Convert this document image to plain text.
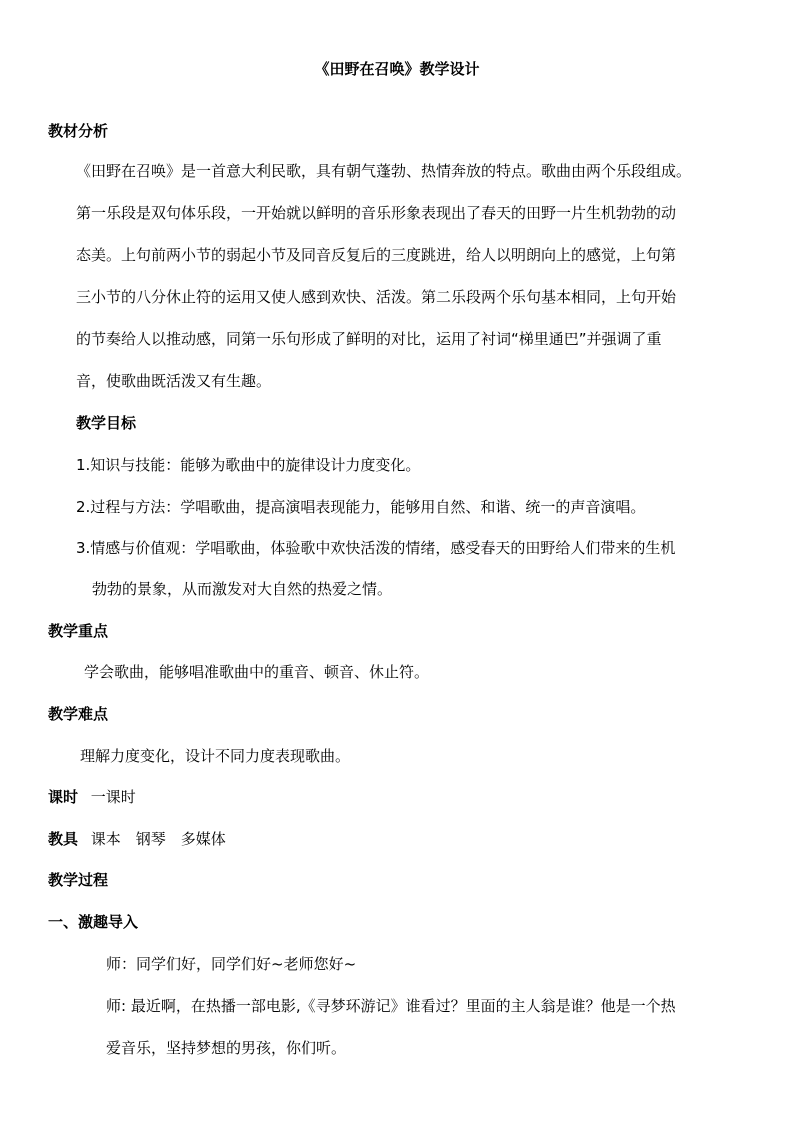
《田野在召唤》教学设计
教材分析
《田野在召唤》是一首意大利民歌，具有朝气蓬勃、热情奔放的特点。歌曲由两个乐段组成。
第一乐段是双句体乐段，一开始就以鲜明的音乐形象表现出了春天的田野一片生机勃勃的动
态美。上句前两小节的弱起小节及同音反复后的三度跳进，给人以明朗向上的感觉，上句第
三小节的八分休止符的运用又使人感到欢快、活泼。第二乐段两个乐句基本相同，上句开始
的节奏给人以推动感，同第一乐句形成了鲜明的对比，运用了衬词“梯里通巴”并强调了重
音，使歌曲既活泼又有生趣。
教学目标
1.知识与技能：能够为歌曲中的旋律设计力度变化。
2.过程与方法：学唱歌曲，提高演唱表现能力，能够用自然、和谐、统一的声音演唱。
3.情感与价值观：学唱歌曲，体验歌中欢快活泼的情绪，感受春天的田野给人们带来的生机
勃勃的景象，从而激发对大自然的热爱之情。
教学重点
学会歌曲，能够唱准歌曲中的重音、顿音、休止符。
教学难点
理解力度变化，设计不同力度表现歌曲。
课时 一课时
教具 课本　钢琴　多媒体
教学过程
一、激趣导入
师：同学们好，同学们好~老师您好~
师: 最近啊，在热播一部电影,《寻梦环游记》谁看过？里面的主人翁是谁？他是一个热
爱音乐，坚持梦想的男孩，你们听。
